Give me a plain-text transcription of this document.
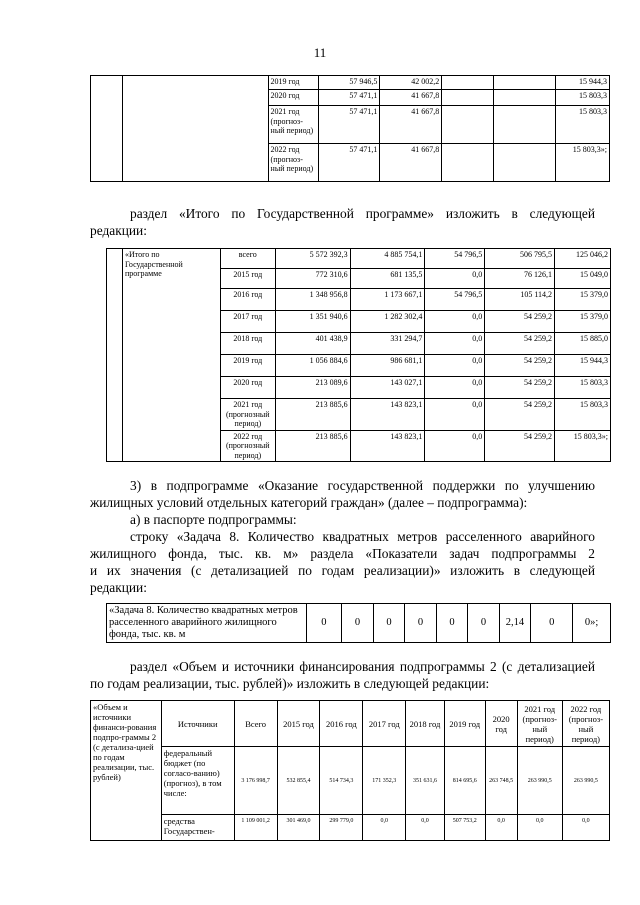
11
		2019 год	57 946,5	42 002,2			15 944,3
		2020 год	57 471,1	41 667,8			15 803,3
		2021 год (прогноз-ный период)	57 471,1	41 667,8			15 803,3
		2022 год (прогноз-ный период)	57 471,1	41 667,8			15 803,3»;
раздел «Итого по Государственной программе» изложить в следующей
редакции:
	«Итого по Государственной программе	всего	5 572 392,3	4 885 754,1	54 796,5	506 795,5	125 046,2
		2015 год	772 310,6	681 135,5	0,0	76 126,1	15 049,0
		2016 год	1 348 956,8	1 173 667,1	54 796,5	105 114,2	15 379,0
		2017 год	1 351 940,6	1 282 302,4	0,0	54 259,2	15 379,0
		2018 год	401 438,9	331 294,7	0,0	54 259,2	15 885,0
		2019 год	1 056 884,6	986 681,1	0,0	54 259,2	15 944,3
		2020 год	213 089,6	143 027,1	0,0	54 259,2	15 803,3
		2021 год (прогнозный период)	213 885,6	143 823,1	0,0	54 259,2	15 803,3
		2022 год (прогнозный период)	213 885,6	143 823,1	0,0	54 259,2	15 803,3»;
3) в подпрограмме «Оказание государственной поддержки по улучшению
жилищных условий отдельных категорий граждан» (далее – подпрограмма):
а) в паспорте подпрограммы:
строку «Задача 8. Количество квадратных метров расселенного аварийного
жилищного фонда, тыс. кв. м» раздела «Показатели задач подпрограммы 2
и их значения (с детализацией по годам реализации)» изложить в следующей
редакции:
«Задача 8. Количество квадратных метров расселенного аварийного жилищного фонда, тыс. кв. м	0	0	0	0	0	0	2,14	0	0»;
раздел «Объем и источники финансирования подпрограммы 2 (с детализацией
по годам реализации, тыс. рублей)» изложить в следующей редакции:
«Объем и источники финанси-рования подпро-граммы 2 (с детализа-цией по годам реализации, тыс. рублей)	Источники	Всего	2015 год	2016 год	2017 год	2018 год	2019 год	2020 год	2021 год (прогноз-ный период)	2022 год (прогноз-ный период)
	федеральный бюджет (по согласо-ванию) (прогноз), в том числе:	3 176 998,7	532 855,4	514 734,3	171 352,3	351 631,6	814 695,6	263 748,5	263 990,5	263 990,5
	средства Государствен-	1 109 001,2	301 469,0	299 779,0	0,0	0,0	507 753,2	0,0	0,0	0,0
